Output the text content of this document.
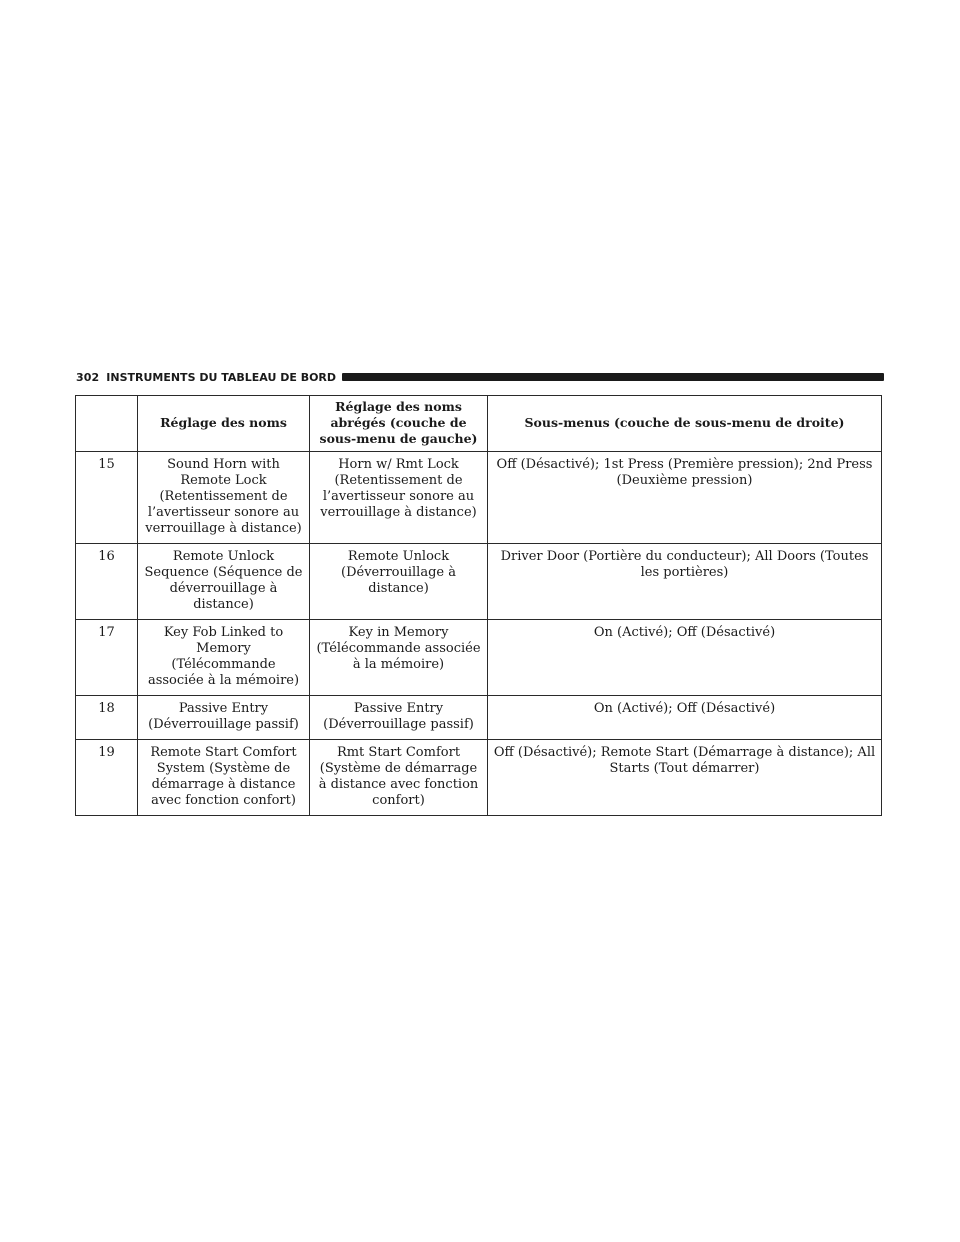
302 INSTRUMENTS DU TABLEAU DE BORD
	Réglage des noms	Réglage des noms abrégés (couche de sous-menu de gauche)	Sous-menus (couche de sous-menu de droite)
15	Sound Horn with Remote Lock (Retentissement de l’avertisseur sonore au verrouillage à distance)	Horn w/ Rmt Lock (Retentissement de l’avertisseur sonore au verrouillage à distance)	Off (Désactivé); 1st Press (Première pression); 2nd Press (Deuxième pression)
16	Remote Unlock Sequence (Séquence de déverrouillage à distance)	Remote Unlock (Déverrouillage à distance)	Driver Door (Portière du conducteur); All Doors (Toutes les portières)
17	Key Fob Linked to Memory (Télécommande associée à la mémoire)	Key in Memory (Télécommande associée à la mémoire)	On (Activé); Off (Désactivé)
18	Passive Entry (Déverrouillage passif)	Passive Entry (Déverrouillage passif)	On (Activé); Off (Désactivé)
19	Remote Start Comfort System (Système de démarrage à distance avec fonction confort)	Rmt Start Comfort (Système de démarrage à distance avec fonction confort)	Off (Désactivé); Remote Start (Démarrage à distance); All Starts (Tout démarrer)
